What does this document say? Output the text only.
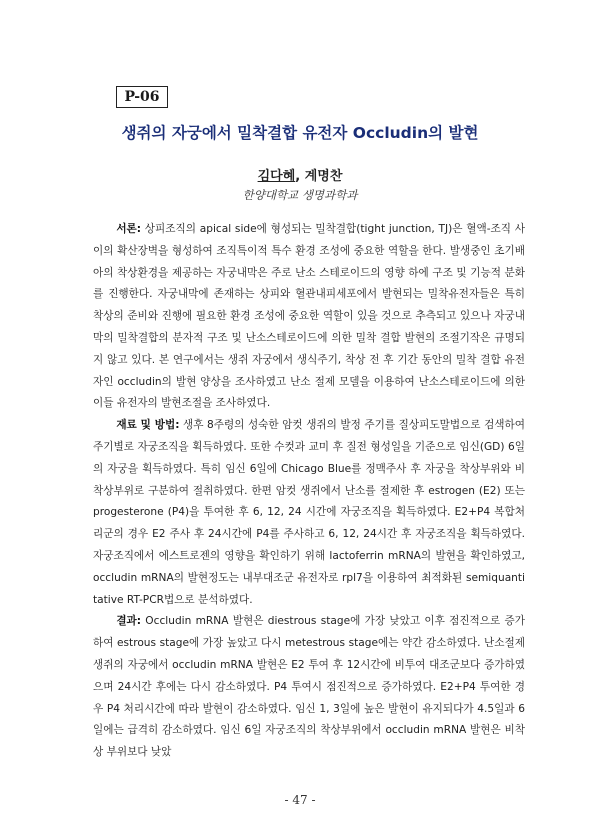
P-06
생쥐의 자궁에서 밀착결합 유전자 Occludin의 발현
김다혜, 계명찬
한양대학교 생명과학과

서론: 상피조직의 apical side에 형성되는 밀착결합(tight junction, TJ)은 혈액-조직 사이의 확산장벽을 형성하여 조직특이적 특수 환경 조성에 중요한 역할을 한다. 발생중인 초기배아의 착상환경을 제공하는 자궁내막은 주로 난소 스테로이드의 영향 하에 구조 및 기능적 분화를 진행한다. 자궁내막에 존재하는 상피와 혈관내피세포에서 발현되는 밀착유전자들은 특히 착상의 준비와 진행에 필요한 환경 조성에 중요한 역할이 있을 것으로 추측되고 있으나 자궁내막의 밀착결합의 분자적 구조 및 난소스테로이드에 의한 밀착 결합 발현의 조절기작은 규명되지 않고 있다. 본 연구에서는 생쥐 자궁에서 생식주기, 착상 전 후 기간 동안의 밀착 결합 유전자인 occludin의 발현 양상을 조사하였고 난소 절제 모델을 이용하여 난소스테로이드에 의한 이들 유전자의 발현조절을 조사하였다.

재료 및 방법: 생후 8주령의 성숙한 암컷 생쥐의 발정 주기를 질상피도말법으로 검색하여 주기별로 자궁조직을 획득하였다. 또한 수컷과 교미 후 질전 형성일을 기준으로 임신(GD) 6일의 자궁을 획득하였다. 특히 임신 6일에 Chicago Blue를 정맥주사 후 자궁을 착상부위와 비착상부위로 구분하여 절취하였다. 한편 암컷 생쥐에서 난소를 절제한 후 estrogen (E2) 또는 progesterone (P4)을 투여한 후 6, 12, 24 시간에 자궁조직을 획득하였다. E2+P4 복합처리군의 경우 E2 주사 후 24시간에 P4를 주사하고 6, 12, 24시간 후 자궁조직을 획득하였다. 자궁조직에서 에스트로젠의 영향을 확인하기 위해 lactoferrin mRNA의 발현을 확인하였고, occludin mRNA의 발현정도는 내부대조군 유전자로 rpl7을 이용하여 최적화된 semiquantitative RT-PCR법으로 분석하였다.

결과: Occludin mRNA 발현은 diestrous stage에 가장 낮았고 이후 점진적으로 증가하여 estrous stage에 가장 높았고 다시 metestrous stage에는 약간 감소하였다. 난소절제 생쥐의 자궁에서 occludin mRNA 발현은 E2 투여 후 12시간에 비투여 대조군보다 증가하였으며 24시간 후에는 다시 감소하였다. P4 투여시 점진적으로 증가하였다. E2+P4 투여한 경우 P4 처리시간에 따라 발현이 감소하였다. 임신 1, 3일에 높은 발현이 유지되다가 4.5일과 6일에는 급격히 감소하였다. 임신 6일 자궁조직의 착상부위에서 occludin mRNA 발현은 비착상 부위보다 낮았

- 47 -
